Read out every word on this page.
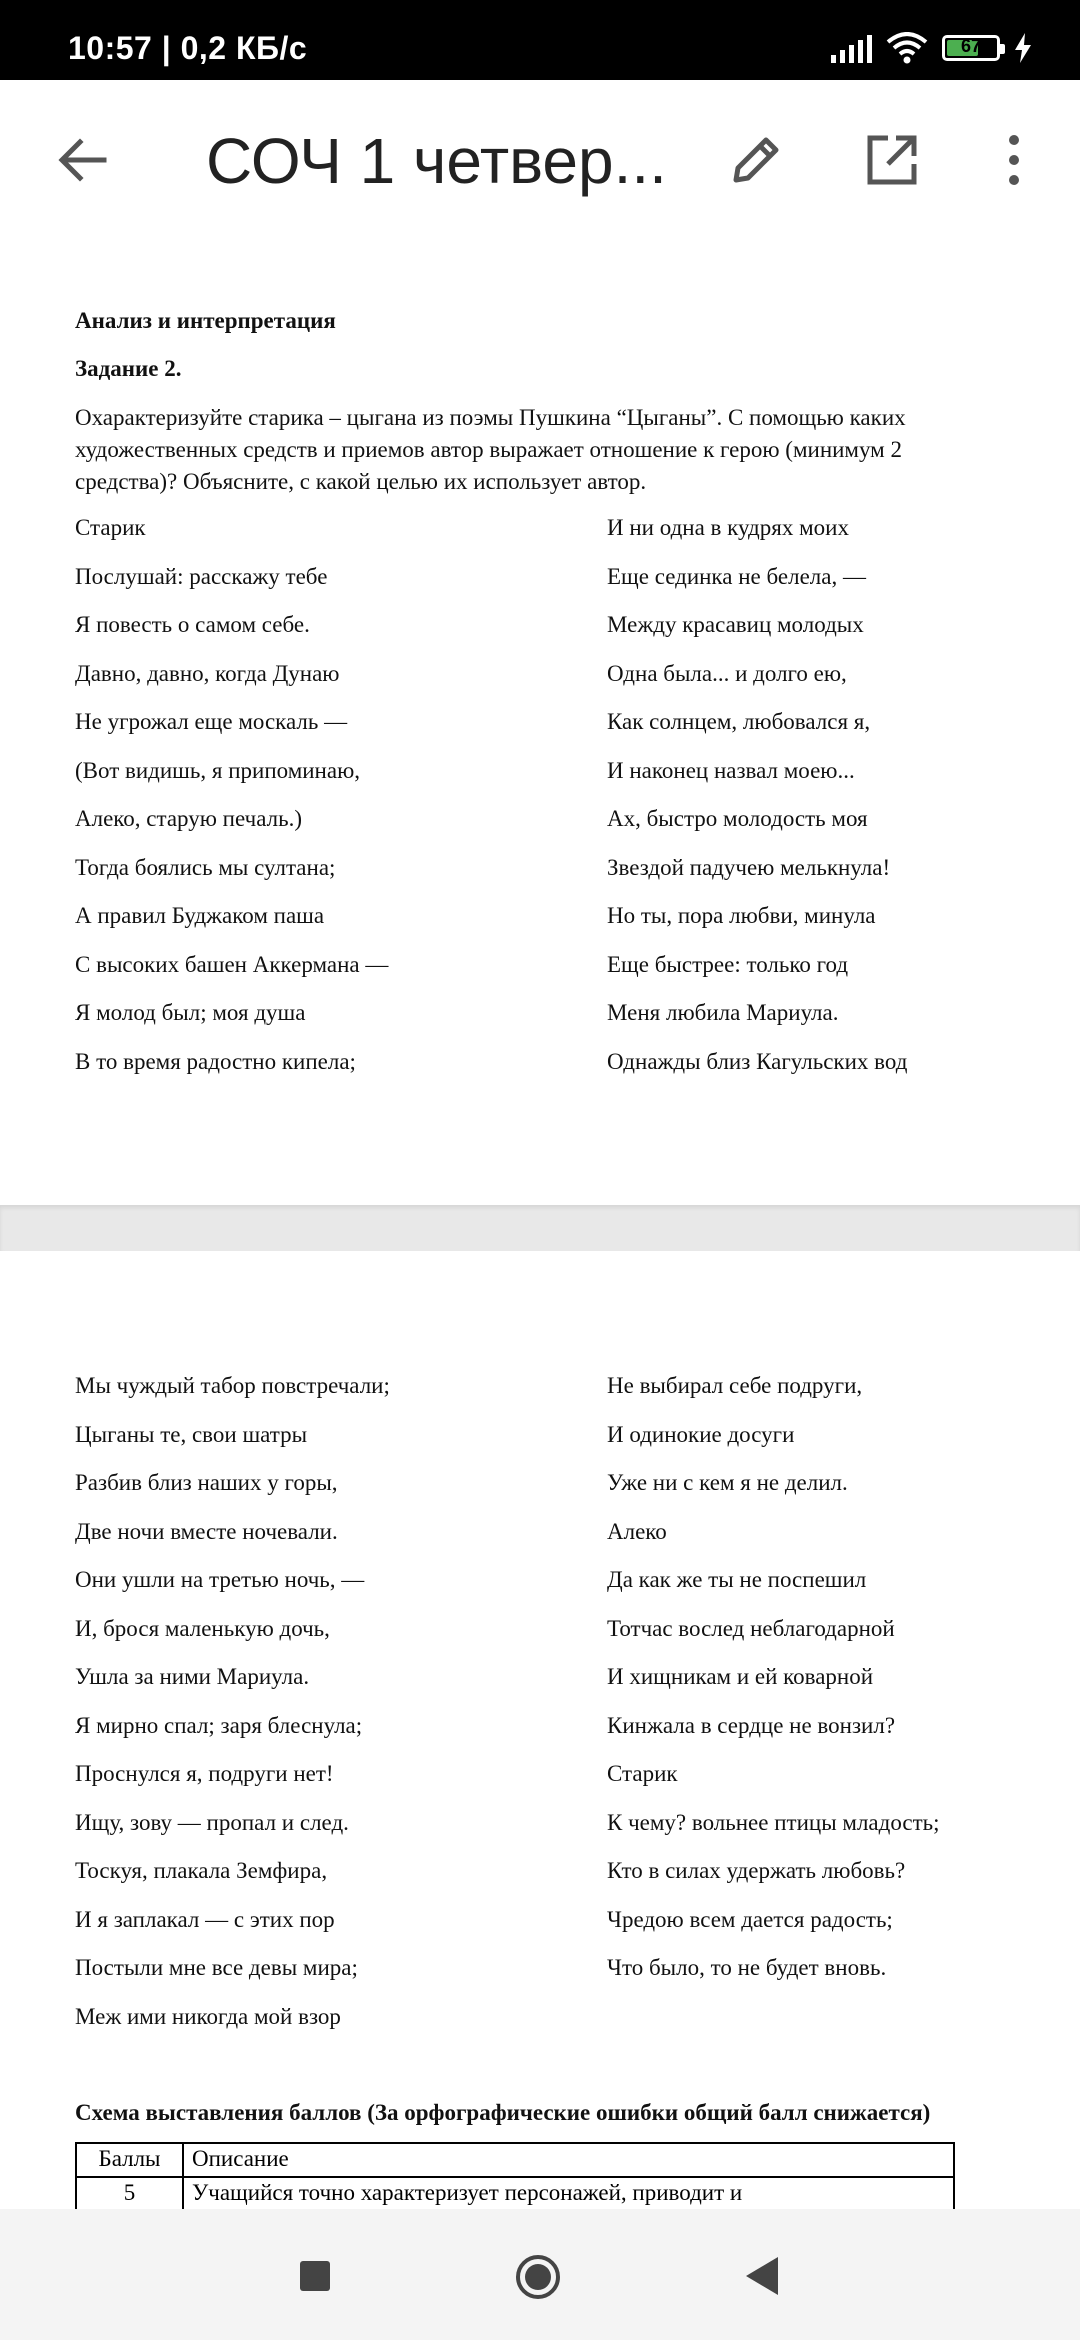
10:57 | 0,2 КБ/с	67
СОЧ 1 четвер...
Анализ и интерпретация
Задание 2.
Охарактеризуйте старика – цыгана из поэмы Пушкина “Цыганы”. С помощью каких художественных средств и приемов автор выражает отношение к герою (минимум 2 средства)? Объясните, с какой целью их использует автор.
Старик
Послушай: расскажу тебе
Я повесть о самом себе.
Давно, давно, когда Дунаю
Не угрожал еще москаль —
(Вот видишь, я припоминаю,
Алеко, старую печаль.)
Тогда боялись мы султана;
А правил Буджаком паша
С высоких башен Аккермана —
Я молод был; моя душа
В то время радостно кипела;
И ни одна в кудрях моих
Еще сединка не белела, —
Между красавиц молодых
Одна была... и долго ею,
Как солнцем, любовался я,
И наконец назвал моею...
Ах, быстро молодость моя
Звездой падучею мелькнула!
Но ты, пора любви, минула
Еще быстрее: только год
Меня любила Мариула.
Однажды близ Кагульских вод
Мы чуждый табор повстречали;
Цыганы те, свои шатры
Разбив близ наших у горы,
Две ночи вместе ночевали.
Они ушли на третью ночь, —
И, брося маленькую дочь,
Ушла за ними Мариула.
Я мирно спал; заря блеснула;
Проснулся я, подруги нет!
Ищу, зову — пропал и след.
Тоскуя, плакала Земфира,
И я заплакал — с этих пор
Постыли мне все девы мира;
Меж ими никогда мой взор
Не выбирал себе подруги,
И одинокие досуги
Уже ни с кем я не делил.
Алеко
Да как же ты не поспешил
Тотчас вослед неблагодарной
И хищникам и ей коварной
Кинжала в сердце не вонзил?
Старик
К чему? вольнее птицы младость;
Кто в силах удержать любовь?
Чредою всем дается радость;
Что было, то не будет вновь.
Схема выставления баллов (За орфографические ошибки общий балл снижается)
Баллы	Описание
5	Учащийся точно характеризует персонажей, приводит и
